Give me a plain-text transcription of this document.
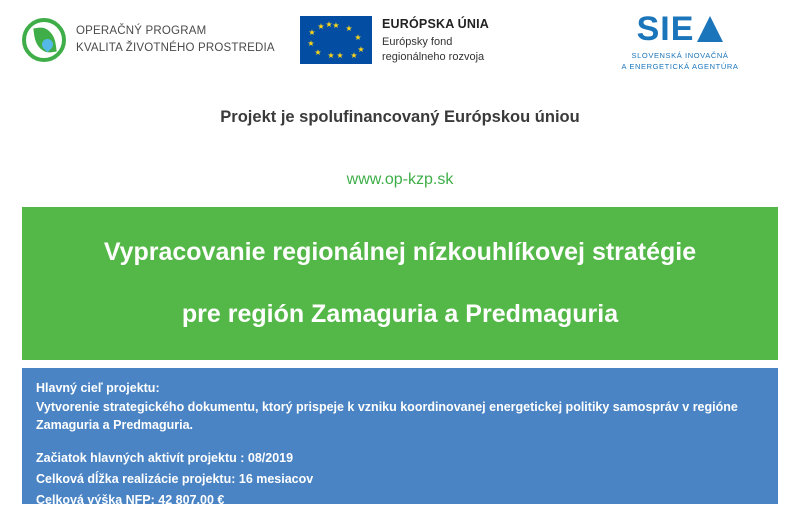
OPERAČNÝ PROGRAM
KVALITA ŽIVOTNÉHO PROSTREDIA
★ ★
★
★
★
★
★
★
★
★
★ ★	EURÓPSKA ÚNIA
Európsky fond
regionálneho rozvoja
SIE
SLOVENSKÁ INOVAČNÁ
A ENERGETICKÁ AGENTÚRA
Projekt je spolufinancovaný Európskou úniou
www.op-kzp.sk
Vypracovanie regionálnej nízkouhlíkovej stratégie
pre región Zamaguria a Predmaguria
Hlavný cieľ projektu:
Vytvorenie strategického dokumentu, ktorý prispeje k vzniku koordinovanej energetickej politiky samospráv v regióne Zamaguria a Predmaguria.
Začiatok hlavných aktivít projektu : 08/2019
Celková dĺžka realizácie projektu: 16 mesiacov
Celková výška NFP: 42 807,00 €
